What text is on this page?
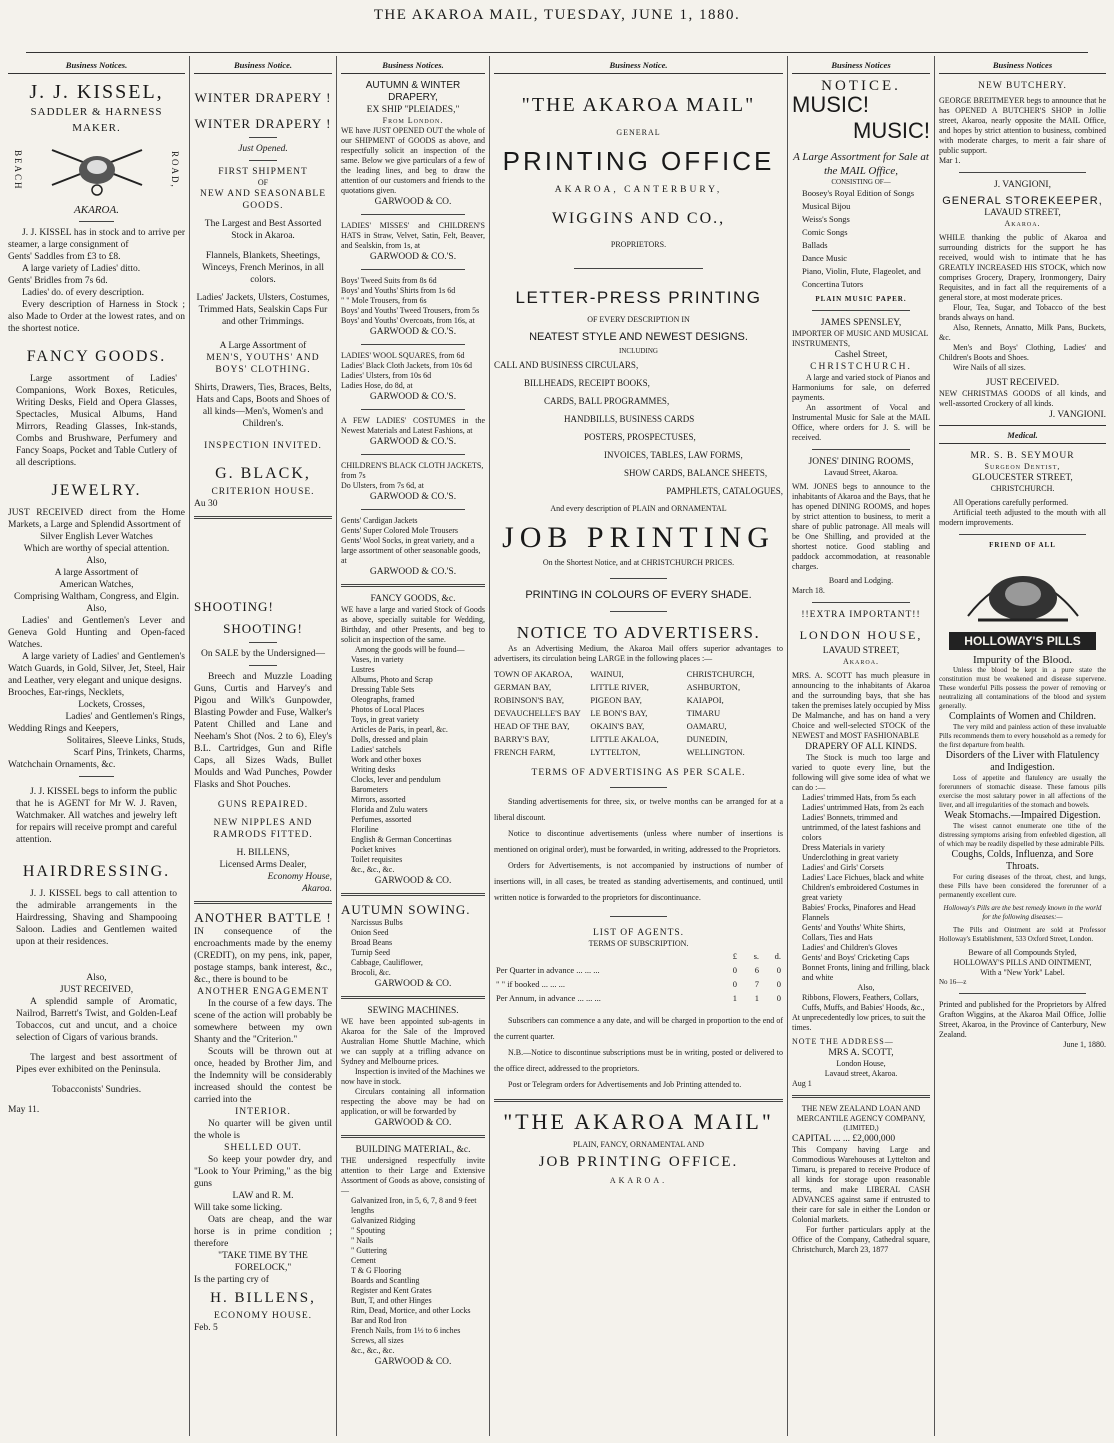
THE AKAROA MAIL, TUESDAY, JUNE 1, 1880.
Business Notices.
J. J. KISSEL,
SADDLER & HARNESS MAKER.
BEACH	ROAD,
AKAROA.
J. J. KISSEL has in stock and to arrive per steamer, a large consignment of
Gents' Saddles from £3 to £8.
A large variety of Ladies' ditto.
Gents' Bridles from 7s 6d.
Ladies' do. of every description.
Every description of Harness in Stock ; also Made to Order at the lowest rates, and on the shortest notice.
FANCY GOODS.
Large assortment of Ladies' Companions, Work Boxes, Reticules, Writing Desks, Field and Opera Glasses, Spectacles, Musical Albums, Hand Mirrors, Reading Glasses, Ink-stands, Combs and Brushware, Perfumery and Fancy Soaps, Pocket and Table Cutlery of all descriptions.
JEWELRY.
JUST RECEIVED direct from the Home Markets, a Large and Splendid Assortment of
Silver English Lever Watches
Which are worthy of special attention.
Also,
A large Assortment of
American Watches,
Comprising Waltham, Congress, and Elgin.
Also,
Ladies' and Gentlemen's Lever and Geneva Gold Hunting and Open-faced Watches.
A large variety of Ladies' and Gentlemen's Watch Guards, in Gold, Silver, Jet, Steel, Hair and Leather, very elegant and unique designs.
Brooches, Ear-rings, Necklets,
Lockets, Crosses,
Ladies' and Gentlemen's Rings,
Wedding Rings and Keepers,
Solitaires, Sleeve Links, Studs,
Scarf Pins, Trinkets, Charms,
Watchchain Ornaments, &c.
J. J. KISSEL begs to inform the public that he is AGENT for Mr W. J. Raven, Watchmaker. All watches and jewelry left for repairs will receive prompt and careful attention.
HAIRDRESSING.
J. J. KISSEL begs to call attention to the admirable arrangements in the Hairdressing, Shaving and Shampooing Saloon. Ladies and Gentlemen waited upon at their residences.
Also,
JUST RECEIVED,
A splendid sample of Aromatic, Nailrod, Barrett's Twist, and Golden-Leaf Tobaccos, cut and uncut, and a choice selection of Cigars of various brands.
The largest and best assortment of Pipes ever exhibited on the Peninsula.
Tobacconists' Sundries.
May 11.
Business Notice.
WINTER DRAPERY !
WINTER DRAPERY !
Just Opened.
FIRST SHIPMENT
OF
NEW AND SEASONABLE
GOODS.
The Largest and Best Assorted Stock in Akaroa.
Flannels, Blankets, Sheetings, Winceys, French Merinos, in all colors.
Ladies' Jackets, Ulsters, Costumes, Trimmed Hats, Sealskin Caps Fur and other Trimmings.
A Large Assortment of
MEN'S, YOUTHS' AND BOYS' CLOTHING.
Shirts, Drawers, Ties, Braces, Belts, Hats and Caps, Boots and Shoes of all kinds—Men's, Women's and Children's.
INSPECTION INVITED.
G. BLACK,
CRITERION HOUSE.
Au 30
SHOOTING!
SHOOTING!
On SALE by the Undersigned—
Breech and Muzzle Loading Guns, Curtis and Harvey's and Pigou and Wilk's Gunpowder, Blasting Powder and Fuse, Walker's Patent Chilled and Lane and Neeham's Shot (Nos. 2 to 6), Eley's B.L. Cartridges, Gun and Rifle Caps, all Sizes Wads, Bullet Moulds and Wad Punches, Powder Flasks and Shot Pouches.
GUNS REPAIRED.
NEW NIPPLES AND RAMRODS FITTED.
H. BILLENS,
Licensed Arms Dealer,
Economy House,
Akaroa.
ANOTHER BATTLE !
IN consequence of the encroachments made by the enemy (CREDIT), on my pens, ink, paper, postage stamps, bank interest, &c., &c., there is bound to be
ANOTHER ENGAGEMENT
In the course of a few days. The scene of the action will probably be somewhere between my own Shanty and the "Criterion."
Scouts will be thrown out at once, headed by Brother Jim, and the Indemnity will be considerably increased should the contest be carried into the
INTERIOR.
No quarter will be given until the whole is
SHELLED OUT.
So keep your powder dry, and "Look to Your Priming," as the big guns
LAW and R. M.
Will take some licking.
Oats are cheap, and the war horse is in prime condition ; therefore
"TAKE TIME BY THE FORELOCK,"
Is the parting cry of
H. BILLENS,
ECONOMY HOUSE.
Feb. 5
Business Notices.
AUTUMN & WINTER DRAPERY,
EX SHIP "PLEIADES,"
From London.
WE have JUST OPENED OUT the whole of our SHIPMENT of GOODS as above, and respectfully solicit an inspection of the same. Below we give particulars of a few of the leading lines, and beg to draw the attention of our customers and friends to the quotations given.
GARWOOD & CO.
LADIES' MISSES' and CHILDREN'S HATS in Straw, Velvet, Satin, Felt, Beaver, and Sealskin, from 1s, at
GARWOOD & CO.'S.
Boys' Tweed Suits from 8s 6d
Boys' and Youths' Shirts from 1s 6d
" " Mole Trousers, from 6s
Boys' and Youths' Tweed Trousers, from 5s
Boys' and Youths' Overcoats, from 16s, at
GARWOOD & CO.'S.
LADIES' WOOL SQUARES, from 6d
Ladies' Black Cloth Jackets, from 10s 6d
Ladies' Ulsters, from 10s 6d
Ladies Hose, do 8d, at
GARWOOD & CO.'S.
A FEW LADIES' COSTUMES in the Newest Materials and Latest Fashions, at
GARWOOD & CO.'S.
CHILDREN'S BLACK CLOTH JACKETS, from 7s
Do Ulsters, from 7s 6d, at
GARWOOD & CO.'S.
Gents' Cardigan Jackets
Gents' Super Colored Mole Trousers
Gents' Wool Socks, in great variety, and a large assortment of other seasonable goods, at
GARWOOD & CO.'S.
FANCY GOODS, &c.
WE have a large and varied Stock of Goods as above, specially suitable for Wedding, Birthday, and other Presents, and beg to solicit an inspection of the same.
Among the goods will be found—
Vases, in variety
Lustres
Albums, Photo and Scrap
Dressing Table Sets
Oleographs, framed
Photos of Local Places
Toys, in great variety
Articles de Paris, in pearl, &c.
Dolls, dressed and plain
Ladies' satchels
Work and other boxes
Writing desks
Clocks, lever and pendulum
Barometers
Mirrors, assorted
Florida and Zulu waters
Perfumes, assorted
Floriline
English & German Concertinas
Pocket knives
Toilet requisites
&c., &c., &c.
GARWOOD & CO.
AUTUMN SOWING.
Narcissus Bulbs
Onion Seed
Broad Beans
Turnip Seed
Cabbage, Cauliflower,
Brocoli, &c.
GARWOOD & CO.
SEWING MACHINES.
WE have been appointed sub-agents in Akaroa for the Sale of the Improved Australian Home Shuttle Machine, which we can supply at a trifling advance on Sydney and Melbourne prices.
Inspection is invited of the Machines we now have in stock.
Circulars containing all information respecting the above may be had on application, or will be forwarded by
GARWOOD & CO.
BUILDING MATERIAL, &c.
THE undersigned respectfully invite attention to their Large and Extensive Assortment of Goods as above, consisting of—
Galvanized Iron, in 5, 6, 7, 8 and 9 feet lengths
Galvanized Ridging
" Spouting
" Nails
" Guttering
Cement
T & G Flooring
Boards and Scantling
Register and Kent Grates
Butt, T, and other Hinges
Rim, Dead, Mortice, and other Locks
Bar and Rod Iron
French Nails, from 1½ to 6 inches
Screws, all sizes
&c., &c., &c.
GARWOOD & CO.
Business Notice.
"THE AKAROA MAIL"
GENERAL
PRINTING OFFICE
AKAROA, CANTERBURY,
WIGGINS AND CO.,
PROPRIETORS.
LETTER-PRESS PRINTING
OF EVERY DESCRIPTION IN
NEATEST STYLE AND NEWEST DESIGNS.
INCLUDING
CALL AND BUSINESS CIRCULARS,
BILLHEADS, RECEIPT BOOKS,
CARDS, BALL PROGRAMMES,
HANDBILLS, BUSINESS CARDS
POSTERS, PROSPECTUSES,
INVOICES, TABLES, LAW FORMS,
SHOW CARDS, BALANCE SHEETS,
PAMPHLETS, CATALOGUES,
And every description of PLAIN and ORNAMENTAL
JOB PRINTING
On the Shortest Notice, and at CHRISTCHURCH PRICES.
PRINTING IN COLOURS OF EVERY SHADE.
NOTICE TO ADVERTISERS.
As an Advertising Medium, the Akaroa Mail offers superior advantages to advertisers, its circulation being LARGE in the following places :—
TOWN OF AKAROA,	WAINUI,	CHRISTCHURCH,
GERMAN BAY,	LITTLE RIVER,	ASHBURTON,
ROBINSON'S BAY,	PIGEON BAY,	KAIAPOI,
DEVAUCHELLE'S BAY	LE BON'S BAY,	TIMARU
HEAD OF THE BAY,	OKAIN'S BAY,	OAMARU,
BARRY'S BAY,	LITTLE AKALOA,	DUNEDIN,
FRENCH FARM,	LYTTELTON,	WELLINGTON.
TERMS OF ADVERTISING AS PER SCALE.
Standing advertisements for three, six, or twelve months can be arranged for at a liberal discount.
Notice to discontinue advertisements (unless where number of insertions is mentioned on original order), must be forwarded, in writing, addressed to the Proprietors.
Orders for Advertisements, is not accompanied by instructions of number of insertions will, in all cases, be treated as standing advertisements, and continued, until written notice is forwarded to the proprietors for discontinuance.
LIST OF AGENTS.
TERMS OF SUBSCRIPTION.
	£	s.	d.
Per Quarter in advance ... ... ...	0	6	0
" " if booked ... ... ...	0	7	0
Per Annum, in advance ... ... ...	1	1	0
Subscribers can commence a any date, and will be charged in proportion to the end of the current quarter.
N.B.—Notice to discontinue subscriptions must be in writing, posted or delivered to the office direct, addressed to the proprietors.
Post or Telegram orders for Advertisements and Job Printing attended to.
"THE AKAROA MAIL"
PLAIN, FANCY, ORNAMENTAL AND
JOB PRINTING OFFICE.
AKAROA.
Business Notices
NOTICE.
MUSIC!
MUSIC!
A Large Assortment for Sale at the MAIL Office,
CONSISTING OF—
Boosey's Royal Edition of Songs
Musical Bijou
Weiss's Songs
Comic Songs
Ballads
Dance Music
Piano, Violin, Flute, Flageolet, and Concertina Tutors
PLAIN MUSIC PAPER.
JAMES SPENSLEY,
IMPORTER OF MUSIC AND MUSICAL INSTRUMENTS,
Cashel Street,
CHRISTCHURCH.
A large and varied stock of Pianos and Harmoniums for sale, on deferred payments.
An assortment of Vocal and Instrumental Music for Sale at the MAIL Office, where orders for J. S. will be received.
JONES' DINING ROOMS,
Lavaud Street, Akaroa.
WM. JONES begs to announce to the inhabitants of Akaroa and the Bays, that he has opened DINING ROOMS, and hopes by strict attention to business, to merit a share of public patronage. All meals will be One Shilling, and provided at the shortest notice. Good stabling and paddock accommodation, at reasonable charges.
Board and Lodging.
March 18.
!!EXTRA IMPORTANT!!
LONDON HOUSE,
LAVAUD STREET,
Akaroa.
MRS. A. SCOTT has much pleasure in announcing to the inhabitants of Akaroa and the surrounding bays, that she has taken the premises lately occupied by Miss De Malmanche, and has on hand a very Choice and well-selected STOCK of the NEWEST and MOST FASHIONABLE
DRAPERY OF ALL KINDS.
The Stock is much too large and varied to quote every line, but the following will give some idea of what we can do :—
Ladies' trimmed Hats, from 5s each
Ladies' untrimmed Hats, from 2s each
Ladies' Bonnets, trimmed and untrimmed, of the latest fashions and colors
Dress Materials in variety
Underclothing in great variety
Ladies' and Girls' Corsets
Ladies' Lace Fichues, black and white
Children's embroidered Costumes in great variety
Babies' Frocks, Pinafores and Head Flannels
Gents' and Youths' White Shirts, Collars, Ties and Hats
Ladies' and Children's Gloves
Gents' and Boys' Cricketing Caps
Bonnet Fronts, lining and frilling, black and white
Also,
Ribbons, Flowers, Feathers, Collars, Cuffs, Muffs, and Babies' Hoods, &c.,
At unprecedentedly low prices, to suit the times.
NOTE THE ADDRESS—
MRS A. SCOTT,
London House,
Lavaud street, Akaroa.
Aug 1
THE NEW ZEALAND LOAN AND MERCANTILE AGENCY COMPANY,
(LIMITED,)
CAPITAL ... ... £2,000,000
This Company having Large and Commodious Warehouses at Lyttelton and Timaru, is prepared to receive Produce of all kinds for storage upon reasonable terms, and make LIBERAL CASH ADVANCES against same if entrusted to their care for sale in either the London or Colonial markets.
For further particulars apply at the Office of the Company, Cathedral square, Christchurch, March 23, 1877
Business Notices
NEW BUTCHERY.
GEORGE BREITMEYER begs to announce that he has OPENED A BUTCHER'S SHOP in Jollie street, Akaroa, nearly opposite the MAIL Office, and hopes by strict attention to business, combined with moderate charges, to merit a fair share of public support.
Mar 1.
J. VANGIONI,
GENERAL STOREKEEPER,
LAVAUD STREET,
Akaroa.
WHILE thanking the public of Akaroa and surrounding districts for the support he has received, would wish to intimate that he has GREATLY INCREASED HIS STOCK, which now comprises Grocery, Drapery, Ironmongery, Dairy Requisites, and in fact all the requirements of a general store, at most moderate prices.
Flour, Tea, Sugar, and Tobacco of the best brands always on hand.
Also, Rennets, Annatto, Milk Pans, Buckets, &c.
Men's and Boys' Clothing, Ladies' and Children's Boots and Shoes.
Wire Nails of all sizes.
JUST RECEIVED.
NEW CHRISTMAS GOODS of all kinds, and well-assorted Crockery of all kinds.
J. VANGIONI.
Medical.
MR. S. B. SEYMOUR
Surgeon Dentist,
GLOUCESTER STREET,
CHRISTCHURCH.
All Operations carefully performed.
Artificial teeth adjusted to the mouth with all modern improvements.
FRIEND OF ALL
HOLLOWAY'S PILLS
Impurity of the Blood.
Unless the blood be kept in a pure state the constitution must be weakened and disease supervene. These wonderful Pills possess the power of removing or neutralizing all contaminations of the blood and system generally.
Complaints of Women and Children.
The very mild and painless action of these invaluable Pills recommends them to every household as a remedy for the first departure from health.
Disorders of the Liver with Flatulency and Indigestion.
Loss of appetite and flatulency are usually the forerunners of stomachic disease. These famous pills exercise the most salutary power in all affections of the liver, and all irregularities of the stomach and bowels.
Weak Stomachs.—Impaired Digestion.
The wisest cannot enumerate one tithe of the distressing symptoms arising from enfeebled digestion, all of which may be readily dispelled by these admirable Pills.
Coughs, Colds, Influenza, and Sore Throats.
For curing diseases of the throat, chest, and lungs, these Pills have been considered the forerunner of a permanently excellent cure.
Holloway's Pills are the best remedy known in the world for the following diseases:—
The Pills and Ointment are sold at Professor Holloway's Establishment, 533 Oxford Street, London.
Beware of all Compounds Styled,
HOLLOWAY'S PILLS AND OINTMENT,
With a "New York" Label.
No 16—z
Printed and published for the Proprietors by Alfred Grafton Wiggins, at the Akaroa Mail Office, Jollie Street, Akaroa, in the Province of Canterbury, New Zealand.
June 1, 1880.
